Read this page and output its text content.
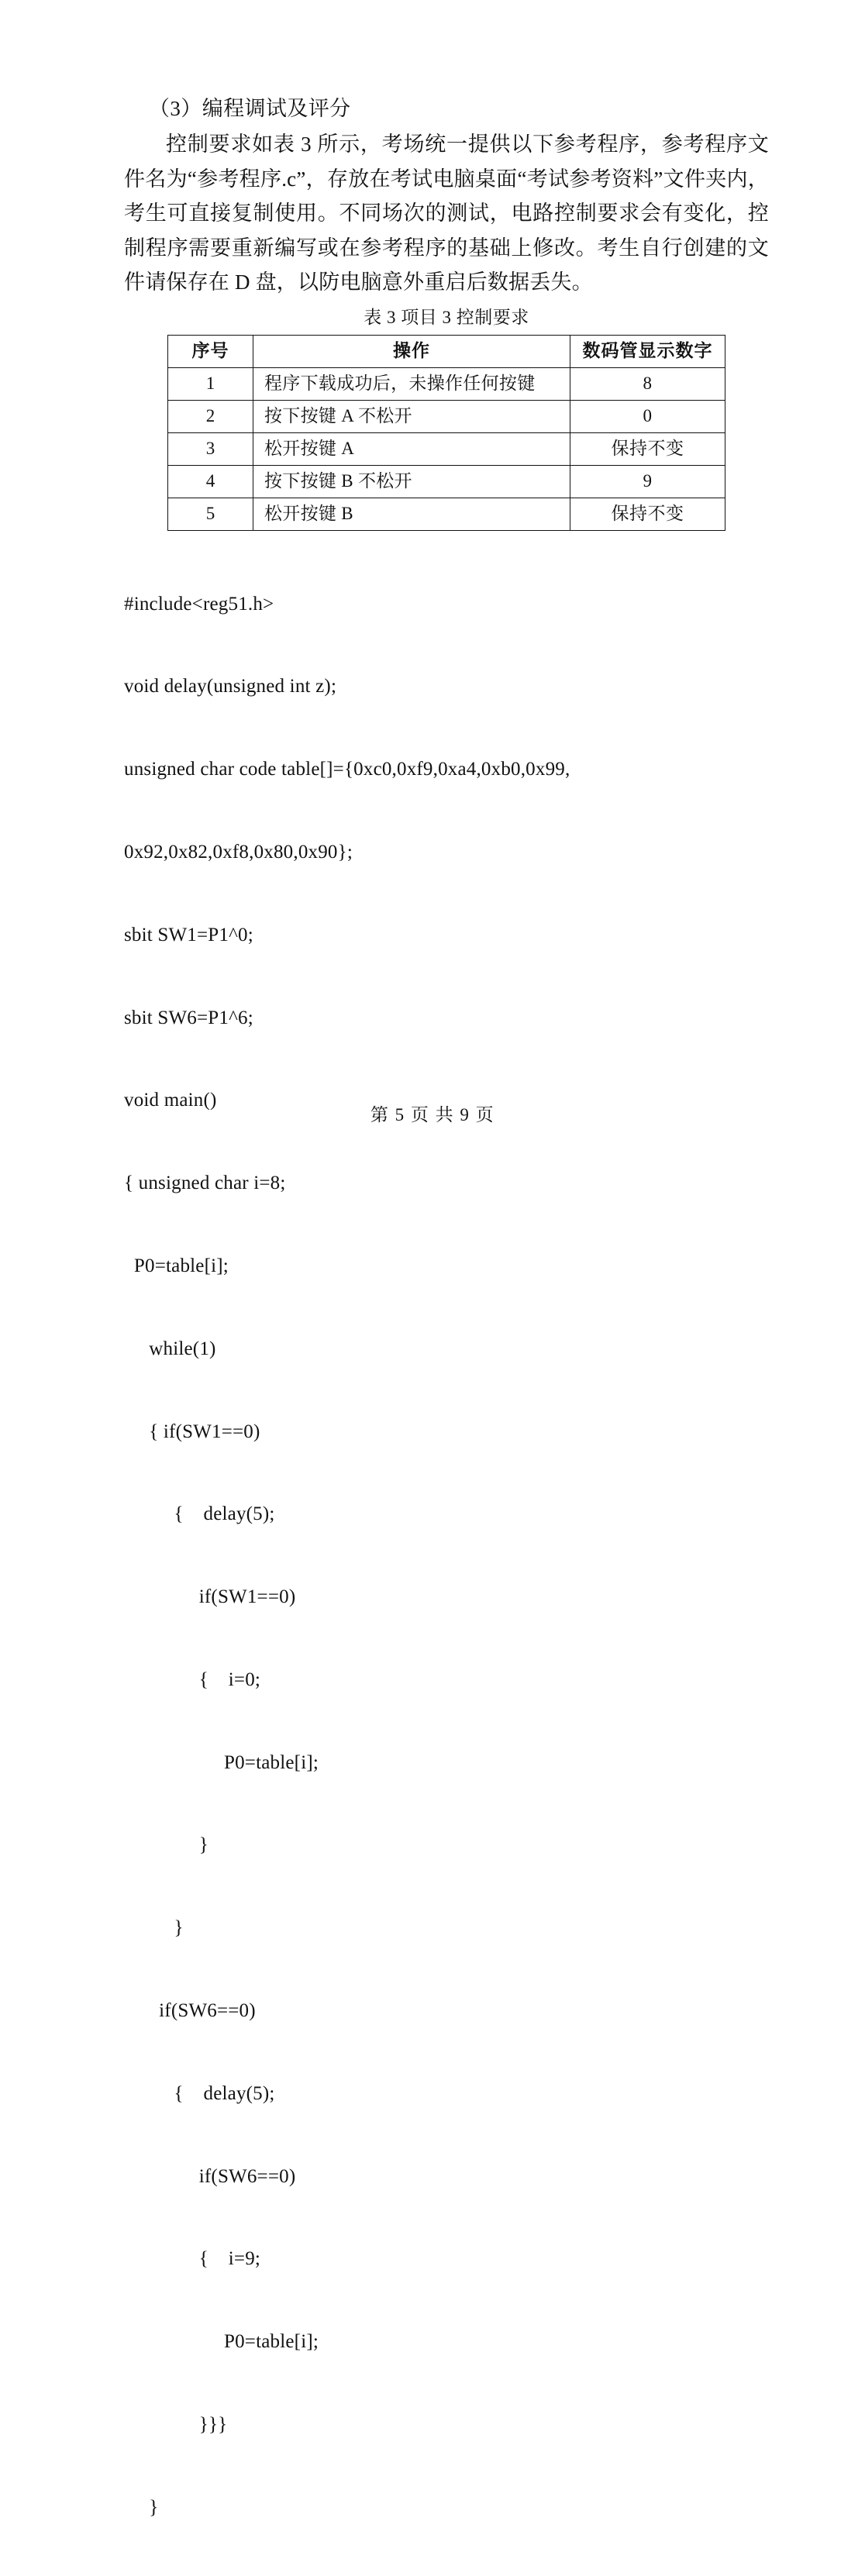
（3）编程调试及评分
控制要求如表 3 所示，考场统一提供以下参考程序，参考程序文件名为“参考程序.c”，存放在考试电脑桌面“考试参考资料”文件夹内，考生可直接复制使用。不同场次的测试，电路控制要求会有变化，控制程序需要重新编写或在参考程序的基础上修改。考生自行创建的文件请保存在 D 盘，以防电脑意外重启后数据丢失。
表 3 项目 3 控制要求
序号	操作	数码管显示数字
1	程序下载成功后，未操作任何按键	8
2	按下按键 A 不松开	0
3	松开按键 A	保持不变
4	按下按键 B 不松开	9
5	松开按键 B	保持不变

#include<reg51.h>

void delay(unsigned int z);

unsigned char code table[]={0xc0,0xf9,0xa4,0xb0,0x99,

0x92,0x82,0xf8,0x80,0x90};

sbit SW1=P1^0;

sbit SW6=P1^6;

void main()

{ unsigned char i=8;

P0=table[i];

while(1)

{ if(SW1==0)

{    delay(5);

if(SW1==0)

{    i=0;

P0=table[i];

}

}

if(SW6==0)

{    delay(5);

if(SW6==0)

{    i=9;

P0=table[i];

}}}

}

第 5 页 共 9 页
